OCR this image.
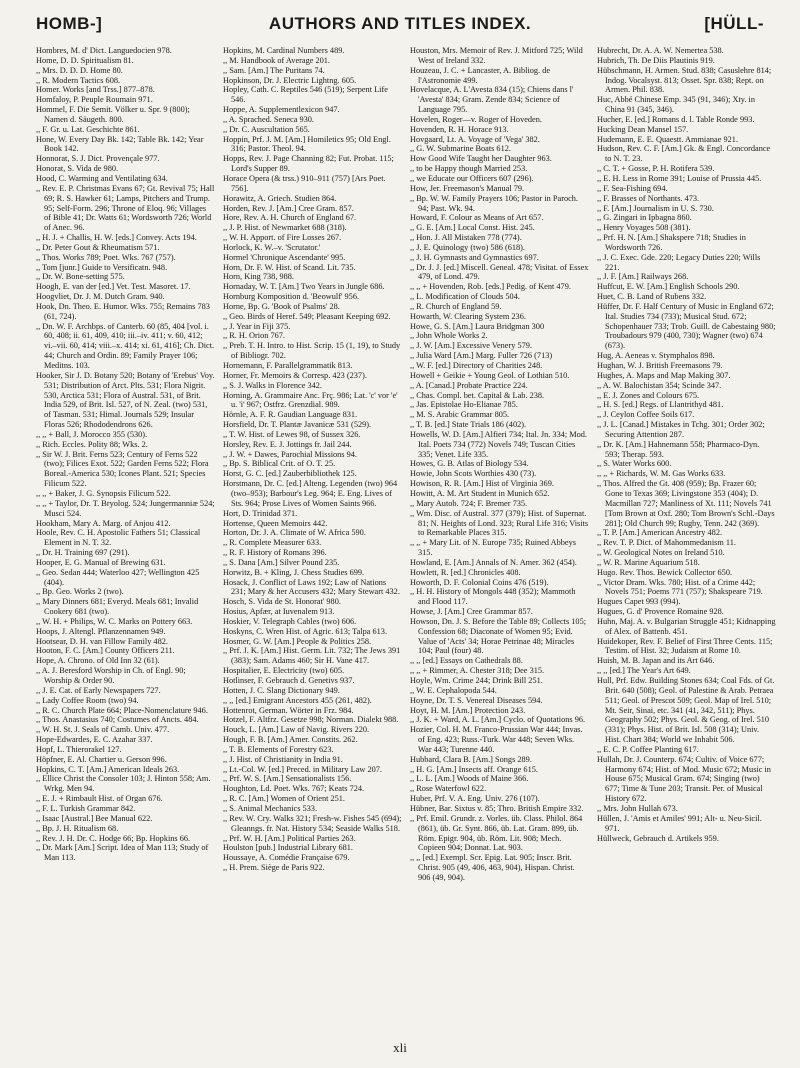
HOMB-]	AUTHORS AND TITLES INDEX.	[HÜLL-

Hombres, M. d' Dict. Languedocien 978.

Home, D. D. Spiritualism 81.

,, Mrs. D. D. D. Home 80.

,, R. Modern Tactics 608.

Homer. Works [and Trss.] 877–878.

Homfaloy, P. Peuple Roumain 971.

Hommel, F. Die Semit. Völker u. Spr. 9 (800); Namen d. Säugeth. 800.

,, F. Gr. u. Lat. Geschichte 861.

Hone, W. Every Day Bk. 142; Table Bk. 142; Year Book 142.

Honnorat, S. J. Dict. Provençale 977.

Honorat, S. Vida de 980.

Hood, C. Warming and Ventilating 634.

,, Rev. E. P. Christmas Evans 67; Gt. Revival 75; Hall 69; R. S. Hawker 61; Lamps, Pitchers and Trump. 95; Self-Form. 296; Throne of Eloq. 96; Villages of Bible 41; Dr. Watts 61; Wordsworth 726; World of Anec. 96.

,, H. J. + Challis, H. W. [eds.] Convey. Acts 194.

,, Dr. Peter Gout & Rheumatism 571.

,, Thos. Works 789; Poet. Wks. 767 (757).

,, Tom [junr.] Guide to Versificatn. 948.

,, Dr. W. Bone-setting 575.

Hoogh, E. van der [ed.] Vet. Test. Masoret. 17.

Hoogvliet, Dr. J. M. Dutch Gram. 940.

Hook, Dn. Theo. E. Humor. Wks. 755; Remains 783 (61, 724).

,, Dn. W. F. Archbps. of Canterb. 60 (85, 404 [vol. i. 60, 408; ii. 61, 409, 410; iii.–iv. 411; v. 60, 412; vi.–vii. 60, 414; viii.–x. 414; xi. 61, 416]; Ch. Dict. 44; Church and Ordin. 89; Family Prayer 106; Meditns. 103.

Hooker, Sir J. D. Botany 520; Botany of 'Erebus' Voy. 531; Distribution of Arct. Plts. 531; Flora Nigrit. 530, Arctica 531; Flora of Austral. 531, of Brit. India 529, of Brit. Isl. 527, of N. Zeal. (two) 531, of Tasman. 531; Himal. Journals 529; Insular Floras 526; Rhododendrons 626.

,, ,, + Ball, J. Morocco 355 (530).

,, Rich. Eccles. Polity 88; Wks. 2.

,, Sir W. J. Brit. Ferns 523; Century of Ferns 522 (two); Filices Exot. 522; Garden Ferns 522; Flora Boreal.-America 530; Icones Plant. 521; Species Filicum 522.

,, ,, + Baker, J. G. Synopsis Filicum 522.

,, ,, + Taylor, Dr. T. Bryolog. 524; Jungermanniæ 524; Musci 524.

Hookham, Mary A. Marg. of Anjou 412.

Hoole, Rev. C. H. Apostolic Fathers 51; Classical Element in N. T. 32.

,, Dr. H. Training 697 (291).

Hooper, E. G. Manual of Brewing 631.

,, Geo. Sedan 444; Waterloo 427; Wellington 425 (404).

,, Bp. Geo. Works 2 (two).

,, Mary Dinners 681; Everyd. Meals 681; Invalid Cookery 681 (two).

,, W. H. + Philips, W. C. Marks on Pottery 663.

Hoops, J. Altengl. Pflanzennamen 949.

Hootsear, D. H. van Fillow Family 482.

Hooton, F. C. [Am.] County Officers 211.

Hope, A. Chrono. of Old Inn 32 (61).

,, A. J. Beresford Worship in Ch. of Engl. 90; Worship & Order 90.

,, J. E. Cat. of Early Newspapers 727.

,, Lady Coffee Room (two) 94.

,, R. C. Church Plate 664; Place-Nomenclature 946.

,, Thos. Anastasius 740; Costumes of Ancts. 484.

,, W. H. St. J. Seals of Camb. Univ. 477.

Hope-Edwardes, E. C. Azahar 337.

Hopf, L. Thierorakel 127.

Höpfner, E. Al. Chartier u. Gerson 996.

Hopkins, C. T. [Am.] American Ideals 263.

,, Ellice Christ the Consoler 103; J. Hinton 558; Am. Wrkg. Men 94.

,, E. J. + Rimbault Hist. of Organ 676.

,, F. L. Turkish Grammar 842.

,, Isaac [Austral.] Bee Manual 622.

,, Bp. J. H. Ritualism 68.

,, Rev. J. H. Dr. C. Hodge 66; Bp. Hopkins 66.

,, Dr. Mark [Am.] Script. Idea of Man 113; Study of Man 113.

Hopkins, M. Cardinal Numbers 489.

,, M. Handbook of Average 201.

,, Sam. [Am.] The Puritans 74.

Hopkinson, Dr. J. Electric Lightng. 605.

Hopley, Cath. C. Reptiles 546 (519); Serpent Life 546.

Hoppe, A. Supplementlexicon 947.

,, A. Sprached. Seneca 930.

,, Dr. C. Auscultation 565.

Hoppin, Prf. J. M. [Am.] Homiletics 95; Old Engl. 316; Pastor. Theol. 94.

Hopps, Rev. J. Page Channing 82; Fut. Probat. 115; Lord's Supper 89.

Horace Opera (& trss.) 910–911 (757) [Ars Poet. 756].

Horawitz, A. Griech. Studien 864.

Horden, Rev. J. [Am.] Cree Gram. 857.

Hore, Rev. A. H. Church of England 67.

,, J. P. Hist. of Newmarket 688 (318).

,, W. H. Apport. of Fire Losses 267.

Horlock, K. W.–v. 'Scrutator.'

Hormel 'Chronique Ascendante' 995.

Horn, Dr. F. W. Hist. of Scand. Lit. 735.

Horn, King 738, 988.

Hornaday, W. T. [Am.] Two Years in Jungle 686.

Hornburg Komposition d. 'Beowulf' 956.

Horne, Bp. G. 'Book of Psalms' 28.

,, Geo. Birds of Heref. 549; Pleasant Keeping 692.

,, J. Year in Fiji 375.

,, R. H. Orion 767.

,, Preb. T. H. Intro. to Hist. Scrip. 15 (1, 19), to Study of Bibliogr. 702.

Hornemann, F. Parallelgrammatik 813.

Horner, Fr. Memoirs & Corresp. 423 (237).

,, S. J. Walks in Florence 342.

Horning, A. Grammaire Anc. Frç. 986; Lat. 'c' vor 'e' u. 'i' 967; Ostfrz. Grenzdial. 989.

Hörnle, A. F. R. Gaudian Language 831.

Horsfield, Dr. T. Plantæ Javanicæ 531 (529).

,, T. W. Hist. of Lewes 98, of Sussex 326.

Horsley, Rev. E. J. Jottings fr. Jail 244.

,, J. W. + Dawes, Parochial Missions 94.

,, Bp. S. Biblical Crit. of O. T. 25.

Horst, G. C. [ed.] Zauberbibliothek 125.

Horstmann, Dr. C. [ed.] Alteng. Legenden (two) 964 (two–953); Barbour's Leg. 964; E. Eng. Lives of Sts. 964; Prose Lives of Women Saints 966.

Hort, D. Trinidad 371.

Hortense, Queen Memoirs 442.

Horton, Dr. J. A. Climate of W. Africa 590.

,, R. Complete Measurer 633.

,, R. F. History of Romans 396.

,, S. Dana [Am.] Silver Pound 235.

Horwitz, B. + Kling, J. Chess Studies 699.

Hosack, J. Conflict of Laws 192; Law of Nations 231; Mary & her Accusers 432; Mary Stewart 432.

Hosch, S. Vida de St. Honorat' 980.

Hosius, Apfær, at Iuvenalem 913.

Hoskier, V. Telegraph Cables (two) 606.

Hoskyns, C. Wren Hist. of Agric. 613; Talpa 613.

Hosmer, G. W. [Am.] People & Politics 258.

,, Prf. J. K. [Am.] Hist. Germ. Lit. 732; The Jews 391 (383); Sam. Adams 460; Sir H. Vane 417.

Hospitalier, E. Electricity (two) 605.

Hotlinser, F. Gebrauch d. Genetivs 937.

Hotten, J. C. Slang Dictionary 949.

,, ,, [ed.] Emigrant Ancestors 455 (261, 482).

Hottenrot, German. Wörter in Frz. 984.

Hotzel, F. Altfrz. Gesetze 998; Norman. Dialekt 988.

Houck, L. [Am.] Law of Navig. Rivers 220.

Hough, F. B. [Am.] Amer. Constits. 262.

,, T. B. Elements of Forestry 623.

,, J. Hist. of Christianity in India 91.

,, Lt.-Col. W. [ed.] Preced. in Military Law 207.

,, Prf. W. S. [Am.] Sensationalists 156.

Houghton, Ld. Poet. Wks. 767; Keats 724.

,, R. C. [Am.] Women of Orient 251.

,, S. Animal Mechanics 533.

,, Rev. W. Cry. Walks 321; Fresh-w. Fishes 545 (694); Gleanngs. fr. Nat. History 534; Seaside Walks 518.

,, Prf. W. H. [Am.] Political Parties 263.

Houlston [pub.] Industrial Library 681.

Houssaye, A. Comédie Française 679.

,, H. Prem. Siège de Paris 922.

Houston, Mrs. Memoir of Rev. J. Mitford 725; Wild West of Ireland 332.

Houzeau, J. C. + Lancaster, A. Bibliog. de l'Astronomie 499.

Hovelacque, A. L'Avesta 834 (15); Chiens dans l' 'Avesta' 834; Gram. Zende 834; Science of Language 795.

Hovelen, Roger—v. Roger of Hoveden.

Hovenden, R. H. Horace 913.

Hovgaard, Lt. A. Voyage of 'Vega' 382.

,, G. W. Submarine Boats 612.

How Good Wife Taught her Daughter 963.

,, to be Happy though Married 253.

,, we Educate our Officers 607 (296).

How, Jer. Freemason's Manual 79.

,, Bp. W. W. Family Prayers 106; Pastor in Paroch. 94; Past. Wk. 94.

Howard, F. Colour as Means of Art 657.

,, G. E. [Am.] Local Const. Hist. 245.

,, Hon. J. All Mistaken 778 (774).

,, J. E. Quinology (two) 586 (618).

,, J. H. Gymnasts and Gymnastics 697.

,, Dr. J. J. [ed.] Miscell. Geneal. 478; Visitat. of Essex 479, of Lond. 479.

,, ,, + Hovenden, Rob. [eds.] Pedig. of Kent 479.

,, L. Modification of Clouds 504.

,, R. Church of England 59.

Howarth, W. Clearing System 236.

Howe, G. S. [Am.] Laura Bridgman 300

,, John Whole Works 2.

,, J. W. [Am.] Excessive Venery 579.

,, Julia Ward [Am.] Marg. Fuller 726 (713)

,, W. F. [ed.] Directory of Charities 248.

Howell + Geikie + Young Geol. of Lothian 510.

,, A. [Canad.] Probate Practice 224.

,, Chas. Compl. bet. Capital & Lab. 238.

,, Jas. Epistolae Ho-Elianae 785.

,, M. S. Arabic Grammar 805.

,, T. B. [ed.] State Trials 186 (402).

Howells, W. D. [Am.] Alfieri 734; Ital. Jn. 334; Mod. Ital. Poets 734 (772) Novels 749; Tuscan Cities 335; Venet. Life 335.

Howes, G. B. Atlas of Biology 534.

Howie, John Scots Worthies 430 (73).

Howison, R. R. [Am.] Hist of Virginia 369.

Howitt, A. M. Art Student in Munich 652.

,, Mary Autob. 724; F. Bremer 735.

,, Wm. Disc. of Austral. 377 (379); Hist. of Supernat. 81; N. Heights of Lond. 323; Rural Life 316; Visits to Remarkable Places 315.

,, ,, + Mary Lit. of N. Europe 735; Ruined Abbeys 315.

Howland, E. [Am.] Annals of N. Amer. 362 (454).

Howlett, R. [ed.] Chronicles 408.

Howorth, D. F. Colonial Coins 476 (519).

,, H. H. History of Mongols 448 (352); Mammoth and Flood 117.

Howse, J. [Am.] Cree Grammar 857.

Howson, Dn. J. S. Before the Table 89; Collects 105; Confession 68; Diaconate of Women 95; Evid. Value of 'Acts' 34; Horae Petrinae 48; Miracles 104; Paul (four) 48.

,, ,, [ed.] Essays on Cathedrals 88.

,, ,, + Rimmer, A. Chester 318; Dee 315.

Hoyle, Wm. Crime 244; Drink Bill 251.

,, W. E. Cephalopoda 544.

Hoyne, Dr. T. S. Venereal Diseases 594.

Hoyt, H. M. [Am.] Protection 243.

,, J. K. + Ward, A. L. [Am.] Cyclo. of Quotations 96.

Hozier, Col. H. M. Franco-Prussian War 444; Invas. of Eng. 423; Russ.-Turk. War 448; Seven Wks. War 443; Turenne 440.

Hubbard, Clara B. [Am.] Songs 289.

,, H. G. [Am.] Insects aff. Orange 615.

,, L. L. [Am.] Woods of Maine 366.

,, Rose Waterfowl 622.

Huber, Prf. V. A. Eng. Univ. 276 (107).

Hübner, Bar. Sixtus v. 85; Thro. British Empire 332.

,, Prf. Emil. Grundr. z. Vorles. üb. Class. Philol. 864 (861), üb. Gr. Synt. 866, üb. Lat. Gram. 899, üb. Röm. Epigr. 904, üb. Röm. Lit. 908; Mech. Copieen 904; Donnat. Lat. 903.

,, ,, [ed.] Exempl. Scr. Epig. Lat. 905; Inscr. Brit. Christ. 905 (49, 406, 463, 904), Hispan. Christ. 906 (49, 904).

Hubrecht, Dr. A. A. W. Nemertea 538.

Hubrich, Th. De Diis Plautinis 919.

Hübschmann, H. Armen. Stud. 838; Casuslehre 814; Indog. Vocalsyst. 813; Osset. Spr. 838; Rept. on Armen. Phil. 838.

Huc, Abbé Chinese Emp. 345 (91, 346); Xty. in China 91 (345, 346).

Hucher, E. [ed.] Romans d. l. Table Ronde 993.

Hucking Dean Mansel 157.

Hudemann, E. E. Quaestt. Ammianae 921.

Hudson, Rev. C. F. [Am.] Gk. & Engl. Concordance to N. T. 23.

,, C. T. + Gosse, P. H. Rotifera 539.

,, E. H. Less in Rome 391; Louise of Prussia 445.

,, F. Sea-Fishing 694.

,, F. Brasses of Northants. 473.

,, F. [Am.] Journalism in U. S. 730.

,, G. Zingari in Ipbagna 860.

,, Henry Voyages 508 (381).

,, Prf. H. N. [Am.] Shakspere 718; Studies in Wordsworth 726.

,, J. C. Exec. Gde. 220; Legacy Duties 220; Wills 221.

,, J. F. [Am.] Railways 268.

Huffcut, E. W. [Am.] English Schools 290.

Huet, C. B. Land of Rubens 332.

Hüffer, Dr. F. Half Century of Music in England 672; Ital. Studies 734 (733); Musical Stud. 672; Schopenhauer 733; Trob. Guill. de Cabestaing 980; Troubadours 979 (400, 730); Wagner (two) 674 (673).

Hug, A. Aeneas v. Stymphalos 898.

Hughan, W. J. British Freemasons 79.

Hughes, A. Maps and Map Making 307.

,, A. W. Balochistan 354; Scinde 347.

,, E. J. Zones and Colours 675.

,, H. S. [ed.] Regs. of Llantrithyd 481.

,, J. Ceylon Coffee Soils 617.

,, J. L. [Canad.] Mistakes in Tchg. 301; Order 302; Securing Attention 287.

,, Dr. K. [Am.] Hahnemann 558; Pharmaco-Dyn. 593; Therap. 593.

,, S. Water Works 600.

,, ,, + Richards, W. M. Gas Works 633.

,, Thos. Alfred the Gt. 408 (959); Bp. Frazer 60; Gone to Texas 369; Livingstone 353 (404); D. Macmillan 727; Manliness of Xt. 111; Novels 741 [Tom Brown at Oxf. 280; Tom Brown's Schl.-Days 281]; Old Church 99; Rugby, Tenn. 242 (369).

,, T. P. [Am.] American Ancestry 482.

,, Rev. T. P. Dict. of Mahommedanism 11.

,, W. Geological Notes on Ireland 510.

,, W. R. Marine Aquarium 518.

Hugo. Rev. Thos. Bewick Collector 650.

,, Victor Dram. Wks. 780; Hist. of a Crime 442; Novels 751; Poems 771 (757); Shakspeare 719.

Hugues Capet 993 (994).

Hugues, G. d' Provence Romaine 928.

Huhn, Maj. A. v. Bulgarian Struggle 451; Kidnapping of Alex. of Battenb. 451.

Huidekoper, Rev. F. Belief of First Three Cents. 115; Testim. of Hist. 32; Judaism at Rome 10.

Huish, M. B. Japan and its Art 646.

,, ,, [ed.] The Year's Art 649.

Hull, Prf. Edw. Building Stones 634; Coal Fds. of Gt. Brit. 640 (508); Geol. of Palestine & Arab. Petraea 511; Geol. of Prescot 509; Geol. Map of Irel. 510; Mt. Seir, Sinai, etc. 341 (41, 342, 511); Phys. Geography 502; Phys. Geol. & Geog. of Irel. 510 (331); Phys. Hist. of Brit. Isl. 508 (314); Univ. Hist. Chart 384; World we Inhabit 506.

,, E. C. P. Coffee Planting 617.

Hullah, Dr. J. Counterp. 674; Cultiv. of Voice 677; Harmony 674; Hist. of Mod. Music 672; Music in House 675; Musical Gram. 674; Singing (two) 677; Time & Tune 203; Transit. Per. of Musical History 672.

,, Mrs. John Hullah 673.

Hüllen, J. 'Amis et Amiles' 991; Alt- u. Neu-Sicil. 971.

Hüllweck, Gebrauch d. Artikels 959.

xli
